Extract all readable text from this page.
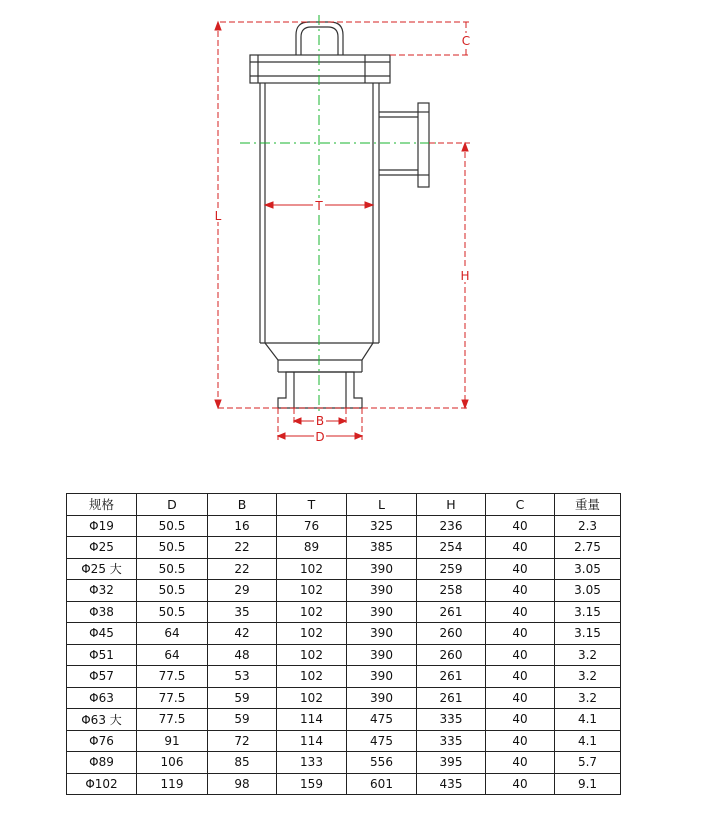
C
L
T
H
B
D
规格	D	B	T	L	H	C	重量
Φ19	50.5	16	76	325	236	40	2.3
Φ25	50.5	22	89	385	254	40	2.75
Φ25 大	50.5	22	102	390	259	40	3.05
Φ32	50.5	29	102	390	258	40	3.05
Φ38	50.5	35	102	390	261	40	3.15
Φ45	64	42	102	390	260	40	3.15
Φ51	64	48	102	390	260	40	3.2
Φ57	77.5	53	102	390	261	40	3.2
Φ63	77.5	59	102	390	261	40	3.2
Φ63 大	77.5	59	114	475	335	40	4.1
Φ76	91	72	114	475	335	40	4.1
Φ89	106	85	133	556	395	40	5.7
Φ102	119	98	159	601	435	40	9.1
